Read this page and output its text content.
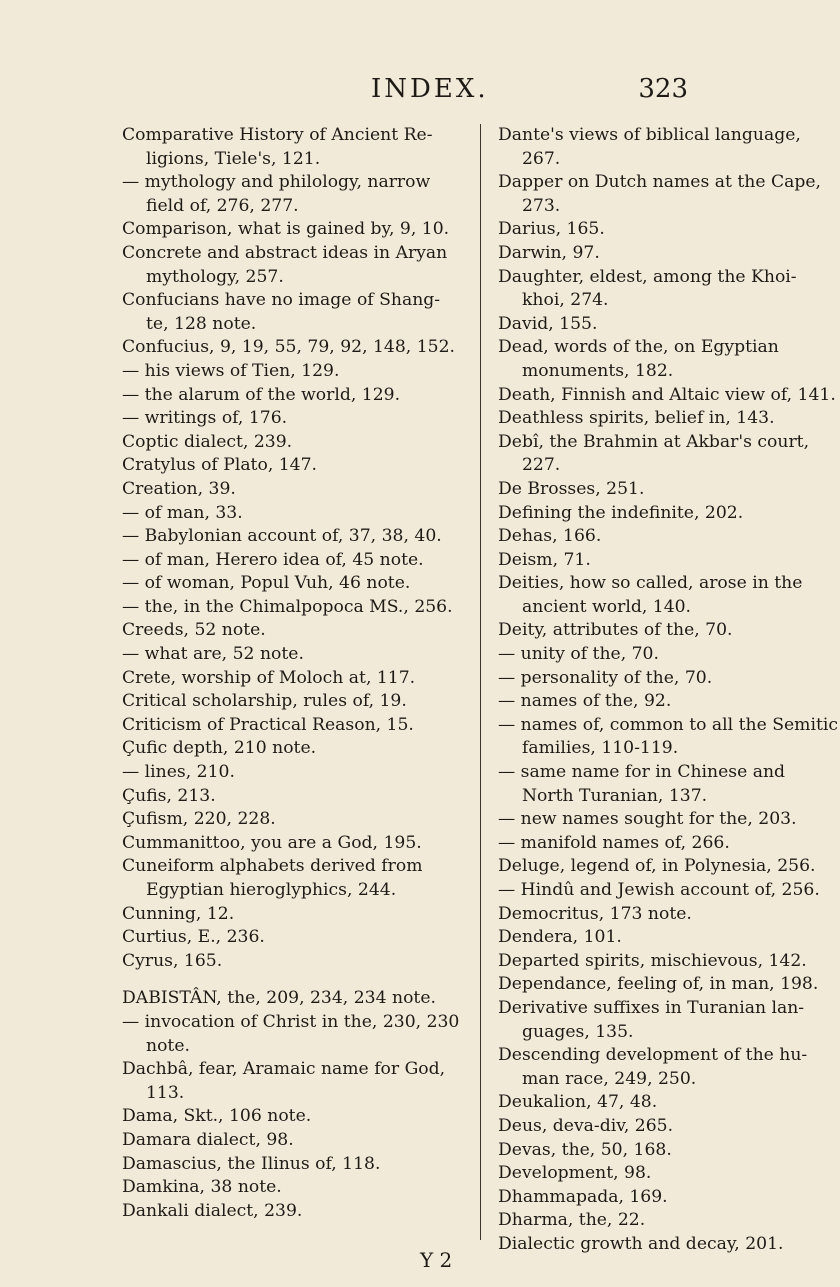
INDEX.	323

Comparative History of Ancient Re- ligions, Tiele's, 121.

— mythology and philology, narrow field of, 276, 277.

Comparison, what is gained by, 9, 10.

Concrete and abstract ideas in Aryan mythology, 257.

Confucians have no image of Shang- te, 128 note.

Confucius, 9, 19, 55, 79, 92, 148, 152.

— his views of Tien, 129.

— the alarum of the world, 129.

— writings of, 176.

Coptic dialect, 239.

Cratylus of Plato, 147.

Creation, 39.

— of man, 33.

— Babylonian account of, 37, 38, 40.

— of man, Herero idea of, 45 note.

— of woman, Popul Vuh, 46 note.

— the, in the Chimalpopoca MS., 256.

Creeds, 52 note.

— what are, 52 note.

Crete, worship of Moloch at, 117.

Critical scholarship, rules of, 19.

Criticism of Practical Reason, 15.

Çufic depth, 210 note.

— lines, 210.

Çufis, 213.

Çufism, 220, 228.

Cummanittoo, you are a God, 195.

Cuneiform alphabets derived from Egyptian hieroglyphics, 244.

Cunning, 12.

Curtius, E., 236.

Cyrus, 165.

DABISTÂN, the, 209, 234, 234 note.

— invocation of Christ in the, 230, 230 note.

Dachbâ, fear, Aramaic name for God, 113.

Dama, Skt., 106 note.

Damara dialect, 98.

Damascius, the Ilinus of, 118.

Damkina, 38 note.

Dankali dialect, 239.

Dante's views of biblical language, 267.

Dapper on Dutch names at the Cape, 273.

Darius, 165.

Darwin, 97.

Daughter, eldest, among the Khoi- khoi, 274.

David, 155.

Dead, words of the, on Egyptian monuments, 182.

Death, Finnish and Altaic view of, 141.

Deathless spirits, belief in, 143.

Debî, the Brahmin at Akbar's court, 227.

De Brosses, 251.

Defining the indefinite, 202.

Dehas, 166.

Deism, 71.

Deities, how so called, arose in the ancient world, 140.

Deity, attributes of the, 70.

— unity of the, 70.

— personality of the, 70.

— names of the, 92.

— names of, common to all the Semitic families, 110-119.

— same name for in Chinese and North Turanian, 137.

— new names sought for the, 203.

— manifold names of, 266.

Deluge, legend of, in Polynesia, 256.

— Hindû and Jewish account of, 256.

Democritus, 173 note.

Dendera, 101.

Departed spirits, mischievous, 142.

Dependance, feeling of, in man, 198.

Derivative suffixes in Turanian lan- guages, 135.

Descending development of the hu- man race, 249, 250.

Deukalion, 47, 48.

Deus, deva-div, 265.

Devas, the, 50, 168.

Development, 98.

Dhammapada, 169.

Dharma, the, 22.

Dialectic growth and decay, 201.

Y 2
